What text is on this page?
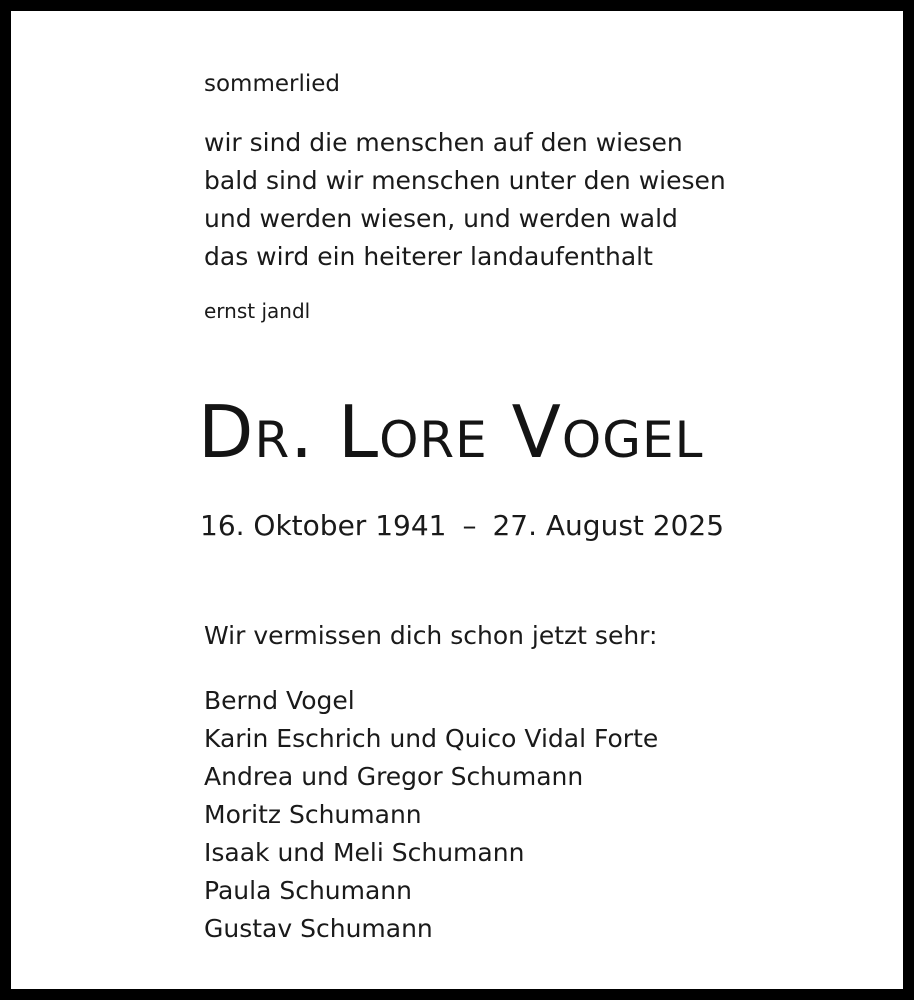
sommerlied
wir sind die menschen auf den wiesen
bald sind wir menschen unter den wiesen
und werden wiesen, und werden wald
das wird ein heiterer landaufenthalt
ernst jandl
Dr. Lore Vogel
16. Oktober 1941 – 27. August 2025
Wir vermissen dich schon jetzt sehr:
Bernd Vogel
Karin Eschrich und Quico Vidal Forte
Andrea und Gregor Schumann
Moritz Schumann
Isaak und Meli Schumann
Paula Schumann
Gustav Schumann
